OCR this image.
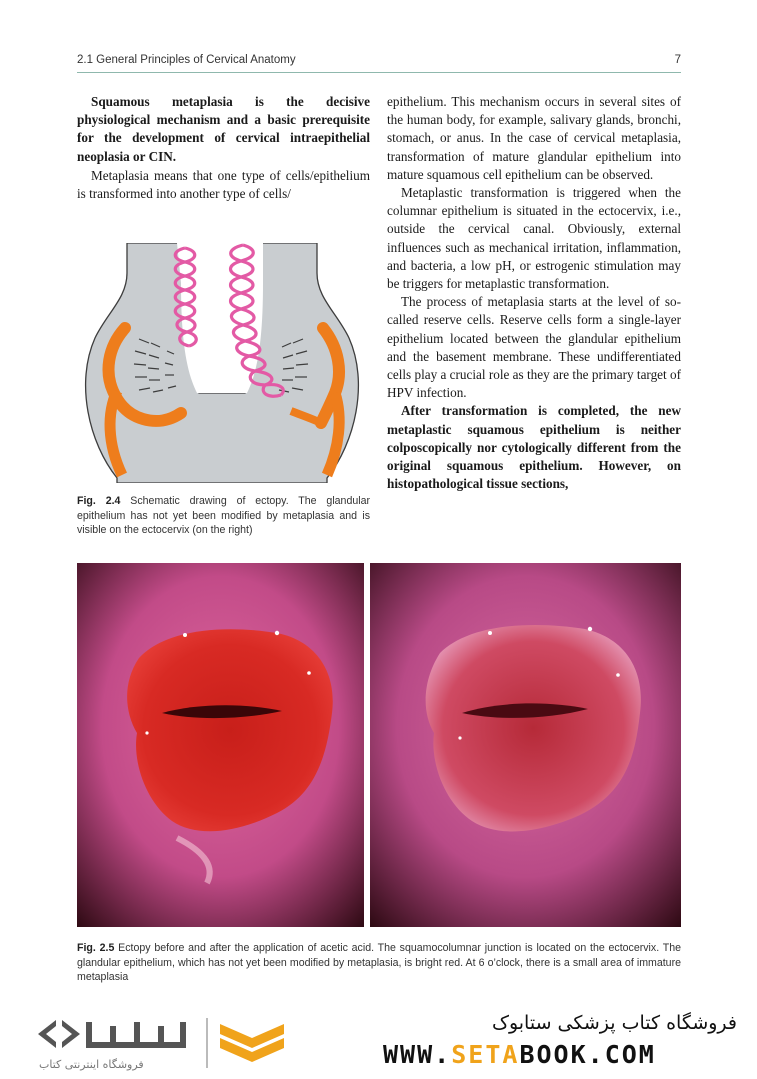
2.1 General Principles of Cervical Anatomy	7

Squamous metaplasia is the decisive physiological mechanism and a basic prerequisite for the development of cervical intraepithelial neoplasia or CIN.

Metaplasia means that one type of cells/epithelium is transformed into another type of cells/

Fig. 2.4 Schematic drawing of ectopy. The glandular epithelium has not yet been modified by metaplasia and is visible on the ectocervix (on the right)

epithelium. This mechanism occurs in several sites of the human body, for example, salivary glands, bronchi, stomach, or anus. In the case of cervical metaplasia, transformation of mature glandular epithelium into mature squamous cell epithelium can be observed.

Metaplastic transformation is triggered when the columnar epithelium is situated in the ectocervix, i.e., outside the cervical canal. Obviously, external influences such as mechanical irritation, inflammation, and bacteria, a low pH, or estrogenic stimulation may be triggers for metaplastic transformation.

The process of metaplasia starts at the level of so-called reserve cells. Reserve cells form a single-layer epithelium located between the glandular epithelium and the basement membrane. These undifferentiated cells play a crucial role as they are the primary target of HPV infection.

After transformation is completed, the new metaplastic squamous epithelium is neither colposcopically nor cytologically different from the original squamous epithelium. However, on histopathological tissue sections,

Fig. 2.5 Ectopy before and after the application of acetic acid. The squamocolumnar junction is located on the ectocervix. The glandular epithelium, which has not yet been modified by metaplasia, is bright red. At 6 o’clock, there is a small area of immature metaplasia
فروشگاه اینترنتی کتاب
فروشگاه کتاب پزشکی ستابوک
WWW.SETABOOK.COM
